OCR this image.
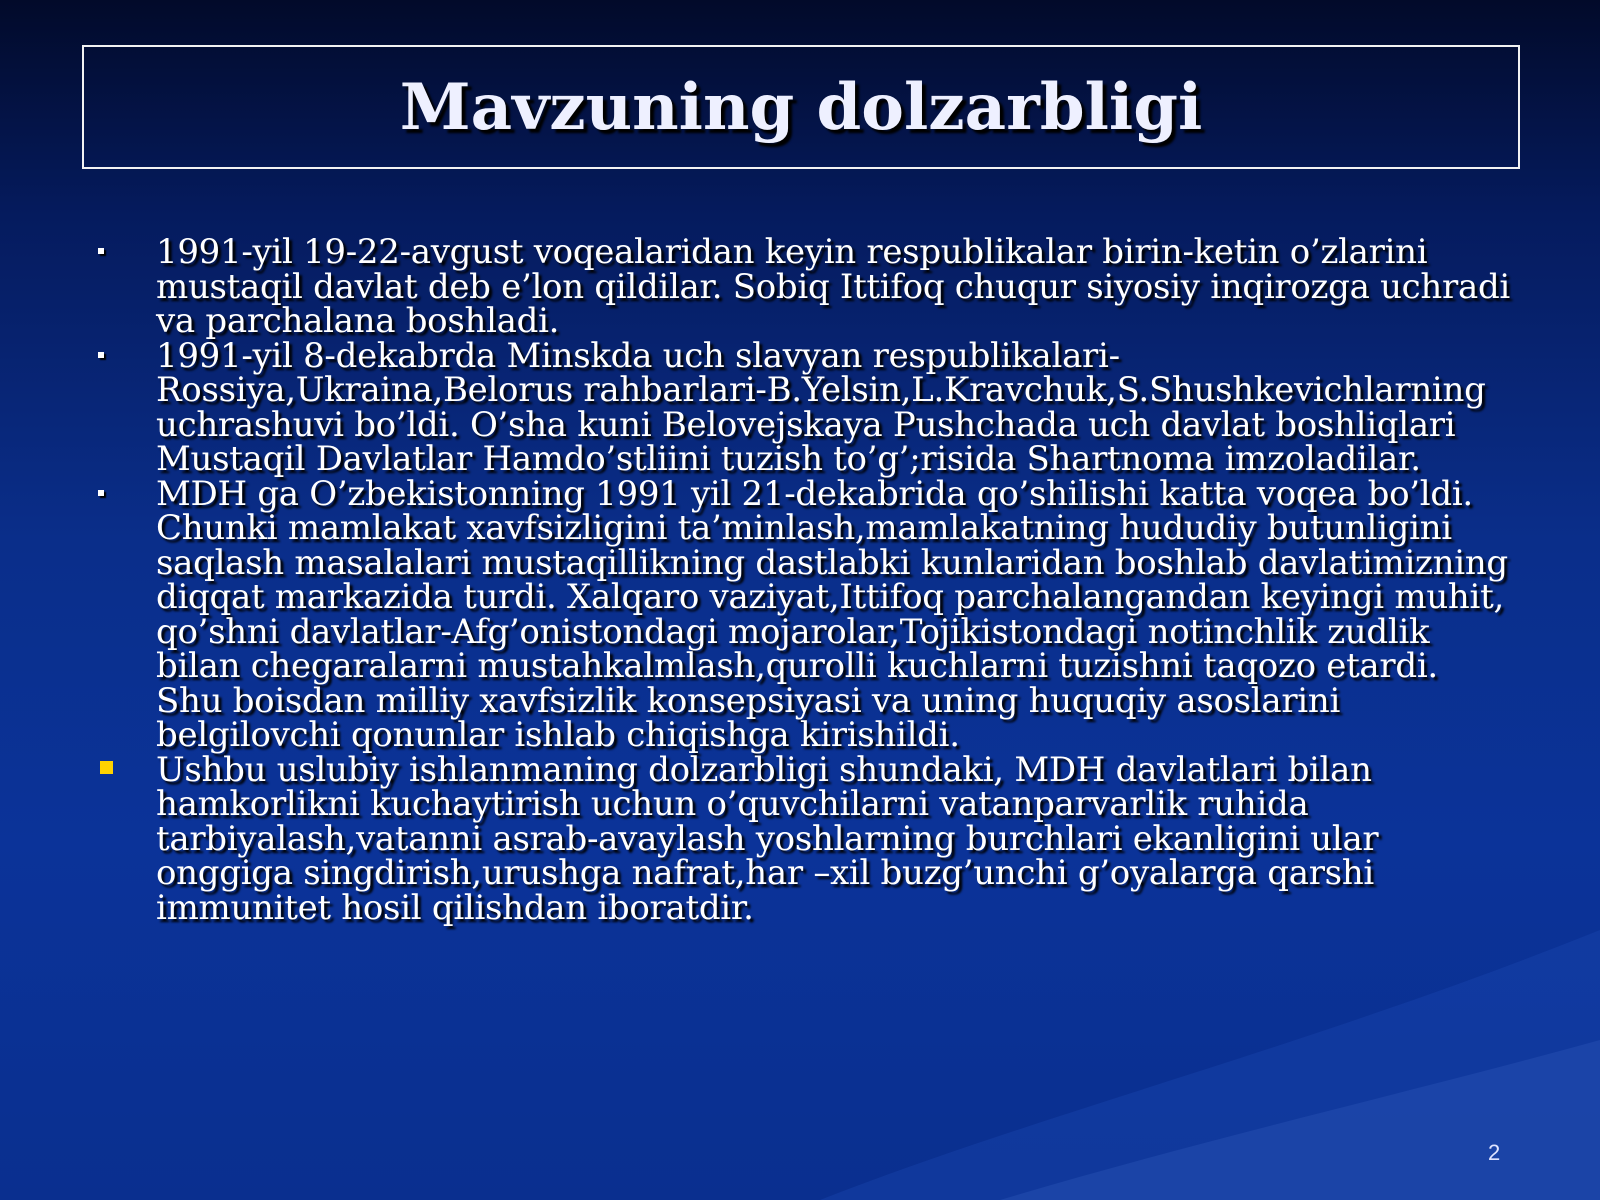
Mavzuning dolzarbligi
1991-yil 19-22-avgust voqealaridan keyin respublikalar birin-ketin o’zlarini mustaqil davlat deb e’lon qildilar. Sobiq Ittifoq chuqur siyosiy inqirozga uchradi va parchalana boshladi.
1991-yil 8-dekabrda Minskda uch slavyan respublikalari-Rossiya,Ukraina,Belorus rahbarlari-B.Yelsin,L.Kravchuk,S.Shushkevichlarning uchrashuvi bo’ldi. O’sha kuni Belovejskaya Pushchada uch davlat boshliqlari Mustaqil Davlatlar Hamdo’stliini tuzish to’g’;risida Shartnoma imzoladilar.
MDH ga O’zbekistonning 1991 yil 21-dekabrida qo’shilishi katta voqea bo’ldi. Chunki mamlakat xavfsizligini ta’minlash,mamlakatning hududiy butunligini saqlash masalalari mustaqillikning dastlabki kunlaridan boshlab davlatimizning diqqat markazida turdi. Xalqaro vaziyat,Ittifoq parchalangandan keyingi muhit, qo’shni davlatlar-Afg’onistondagi mojarolar,Tojikistondagi notinchlik zudlik bilan chegaralarni mustahkalmlash,qurolli kuchlarni tuzishni taqozo etardi. Shu boisdan milliy xavfsizlik konsepsiyasi va uning huquqiy asoslarini belgilovchi qonunlar ishlab chiqishga kirishildi.
Ushbu uslubiy ishlanmaning dolzarbligi shundaki, MDH davlatlari bilan hamkorlikni kuchaytirish uchun o’quvchilarni vatanparvarlik ruhida tarbiyalash,vatanni asrab-avaylash yoshlarning burchlari ekanligini ular onggiga singdirish,urushga nafrat,har –xil buzg’unchi g’oyalarga qarshi immunitet hosil qilishdan iboratdir.
2
